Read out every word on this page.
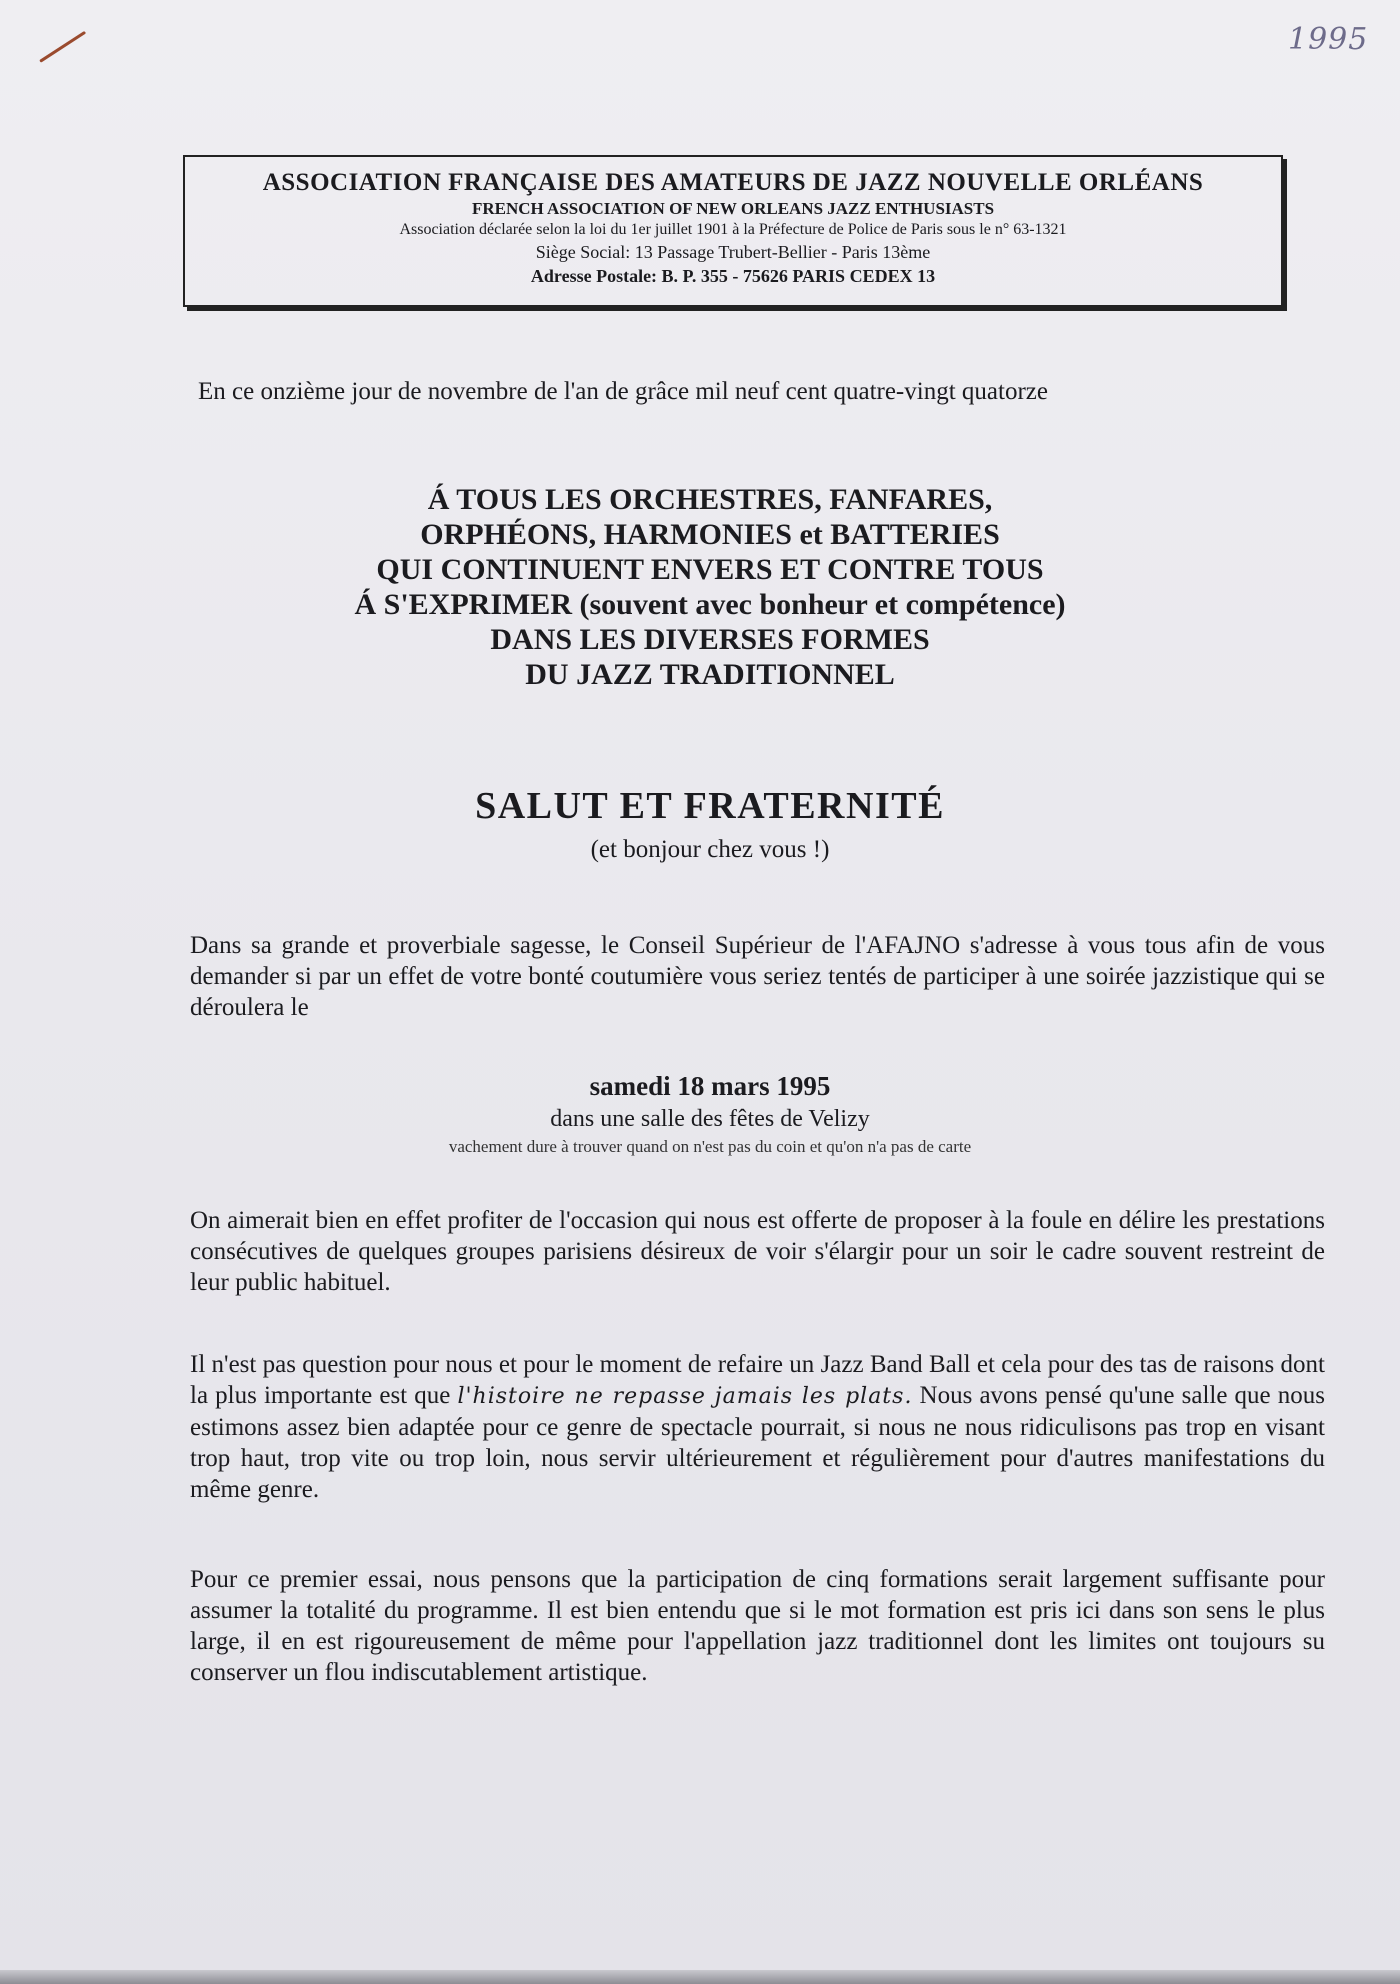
1995
ASSOCIATION FRANÇAISE DES AMATEURS DE JAZZ NOUVELLE ORLÉANS
FRENCH ASSOCIATION OF NEW ORLEANS JAZZ ENTHUSIASTS
Association déclarée selon la loi du 1er juillet 1901 à la Préfecture de Police de Paris sous le n° 63-1321
Siège Social: 13 Passage Trubert-Bellier - Paris 13ème
Adresse Postale: B. P. 355 - 75626 PARIS CEDEX 13
En ce onzième jour de novembre de l'an de grâce mil neuf cent quatre-vingt quatorze
Á TOUS LES ORCHESTRES, FANFARES,
ORPHÉONS, HARMONIES et BATTERIES
QUI CONTINUENT ENVERS ET CONTRE TOUS
Á S'EXPRIMER (souvent avec bonheur et compétence)
DANS LES DIVERSES FORMES
DU JAZZ TRADITIONNEL
SALUT ET FRATERNITÉ
(et bonjour chez vous !)
Dans sa grande et proverbiale sagesse, le Conseil Supérieur de l'AFAJNO s'adresse à vous tous afin de vous demander si par un effet de votre bonté coutumière vous seriez tentés de participer à une soirée jazzistique qui se déroulera le
samedi 18 mars 1995
dans une salle des fêtes de Velizy
vachement dure à trouver quand on n'est pas du coin et qu'on n'a pas de carte
On aimerait bien en effet profiter de l'occasion qui nous est offerte de proposer à la foule en délire les prestations consécutives de quelques groupes parisiens désireux de voir s'élargir pour un soir le cadre souvent restreint de leur public habituel.
Il n'est pas question pour nous et pour le moment de refaire un Jazz Band Ball et cela pour des tas de raisons dont la plus importante est que l'histoire ne repasse jamais les plats. Nous avons pensé qu'une salle que nous estimons assez bien adaptée pour ce genre de spectacle pourrait, si nous ne nous ridiculisons pas trop en visant trop haut, trop vite ou trop loin, nous servir ultérieurement et régulièrement pour d'autres manifestations du même genre.
Pour ce premier essai, nous pensons que la participation de cinq formations serait largement suffisante pour assumer la totalité du programme. Il est bien entendu que si le mot formation est pris ici dans son sens le plus large, il en est rigoureusement de même pour l'appellation jazz traditionnel dont les limites ont toujours su conserver un flou indiscutablement artistique.
